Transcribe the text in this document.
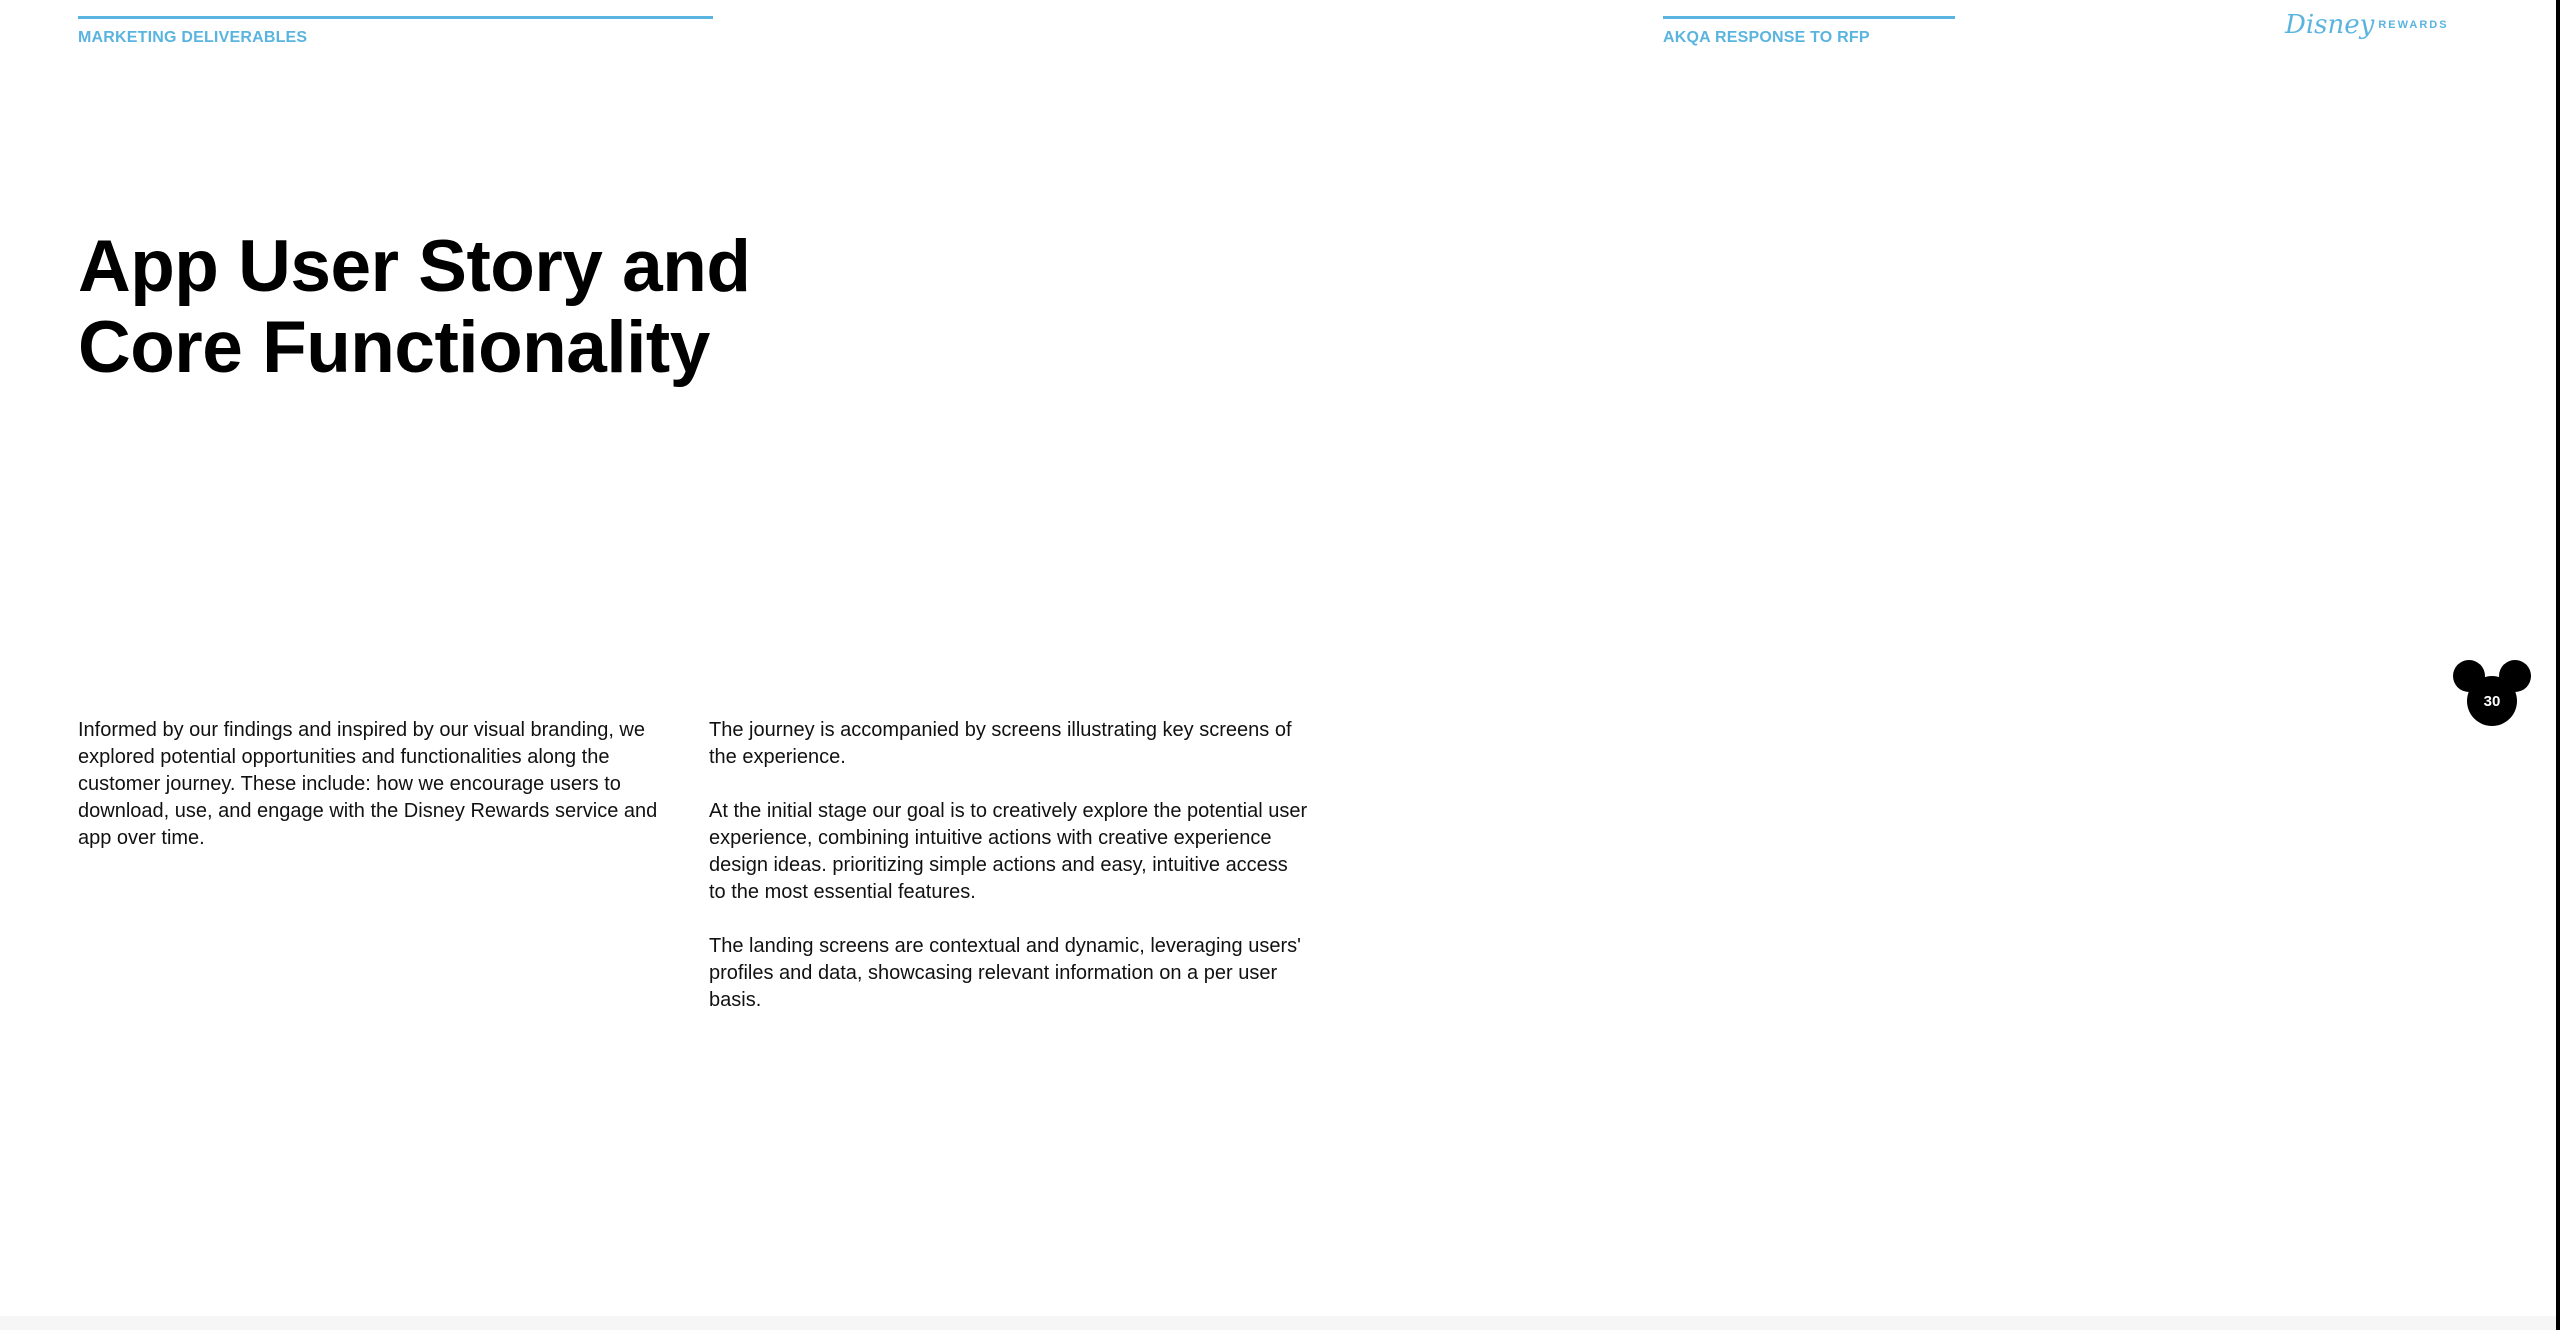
MARKETING DELIVERABLES	AKQA RESPONSE TO RFP	Disney REWARDS
App User Story and
Core Functionality

Informed by our findings and inspired by our visual branding, we explored potential opportunities and functionalities along the customer journey. These include: how we encourage users to download, use, and engage with the Disney Rewards service and app over time.

The journey is accompanied by screens illustrating key screens of the experience.

At the initial stage our goal is to creatively explore the potential user experience, combining intuitive actions with creative experience design ideas. prioritizing simple actions and easy, intuitive access to the most essential features.

The landing screens are contextual and dynamic, leveraging users' profiles and data, showcasing relevant information on a per user basis.

30
